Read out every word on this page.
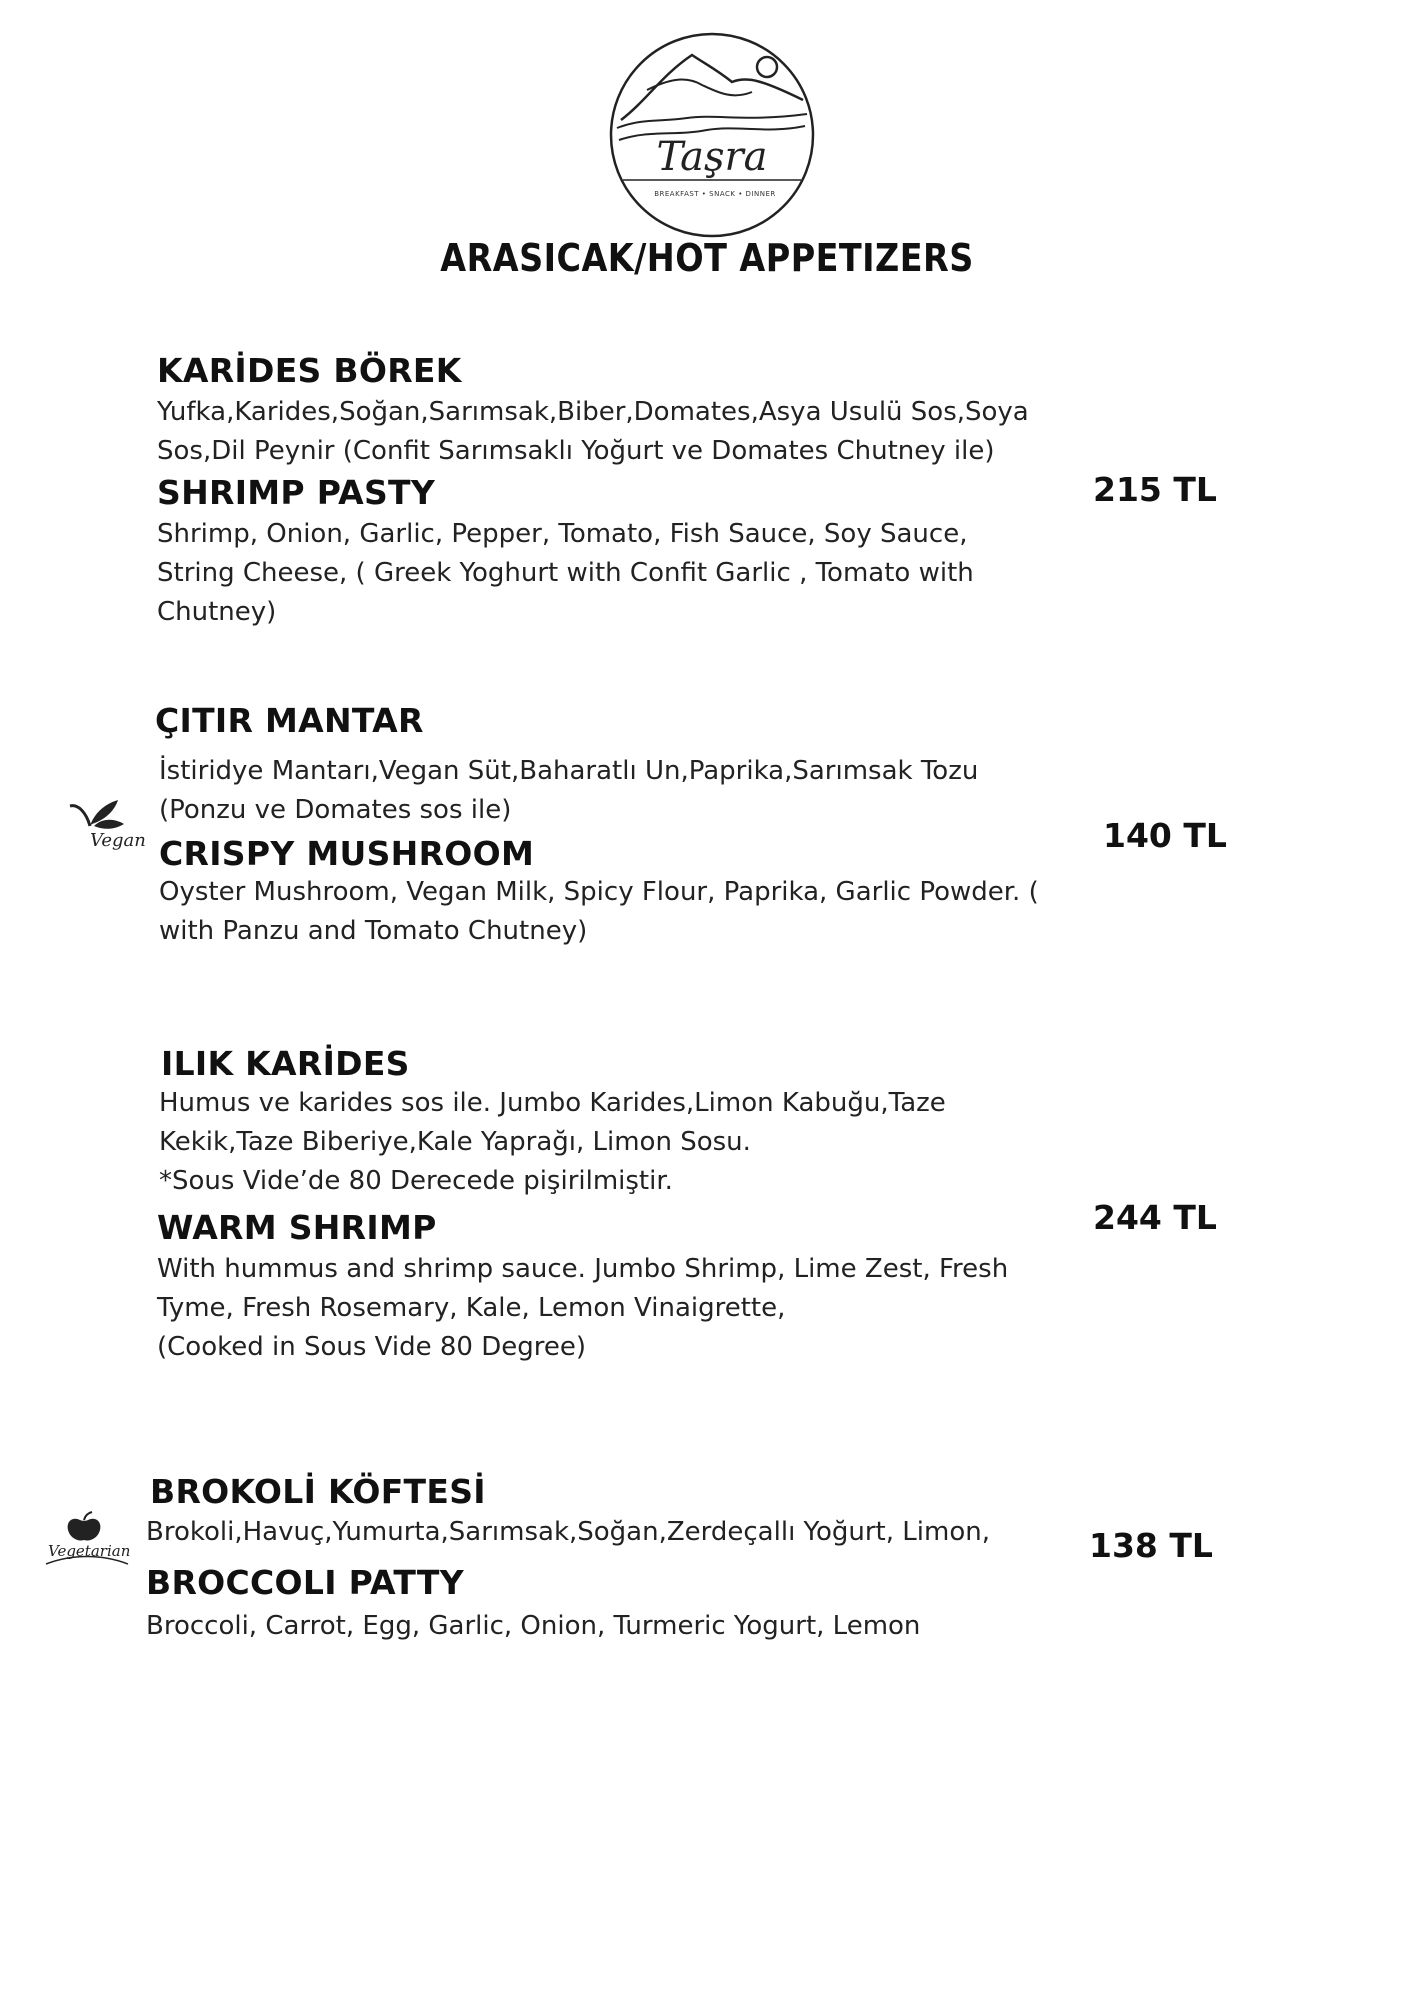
Taşra
BREAKFAST • SNACK • DINNER
ARASICAK/HOT APPETIZERS

KARİDES BÖREK

Yufka,Karides,Soğan,Sarımsak,Biber,Domates,Asya Usulü Sos,Soya

Sos,Dil Peynir (Confit Sarımsaklı Yoğurt ve Domates Chutney ile)

SHRIMP PASTY

Shrimp, Onion, Garlic, Pepper, Tomato, Fish Sauce, Soy Sauce,

String Cheese, ( Greek Yoghurt with Confit Garlic , Tomato with

Chutney)

215 TL

Vegan

ÇITIR MANTAR

İstiridye Mantarı,Vegan Süt,Baharatlı Un,Paprika,Sarımsak Tozu

(Ponzu ve Domates sos ile)

CRISPY MUSHROOM

Oyster Mushroom, Vegan Milk, Spicy Flour, Paprika, Garlic Powder. (

with Panzu and Tomato Chutney)

140 TL

ILIK KARİDES

Humus ve karides sos ile. Jumbo Karides,Limon Kabuğu,Taze

Kekik,Taze Biberiye,Kale Yaprağı, Limon Sosu.

*Sous Vide’de 80 Derecede pişirilmiştir.

WARM SHRIMP

With hummus and shrimp sauce. Jumbo Shrimp, Lime Zest, Fresh

Tyme, Fresh Rosemary, Kale, Lemon Vinaigrette,

(Cooked in Sous Vide 80 Degree)

244 TL

Vegetarian

BROKOLİ KÖFTESİ

Brokoli,Havuç,Yumurta,Sarımsak,Soğan,Zerdeçallı Yoğurt, Limon,

BROCCOLI PATTY

Broccoli, Carrot, Egg, Garlic, Onion, Turmeric Yogurt, Lemon

138 TL
